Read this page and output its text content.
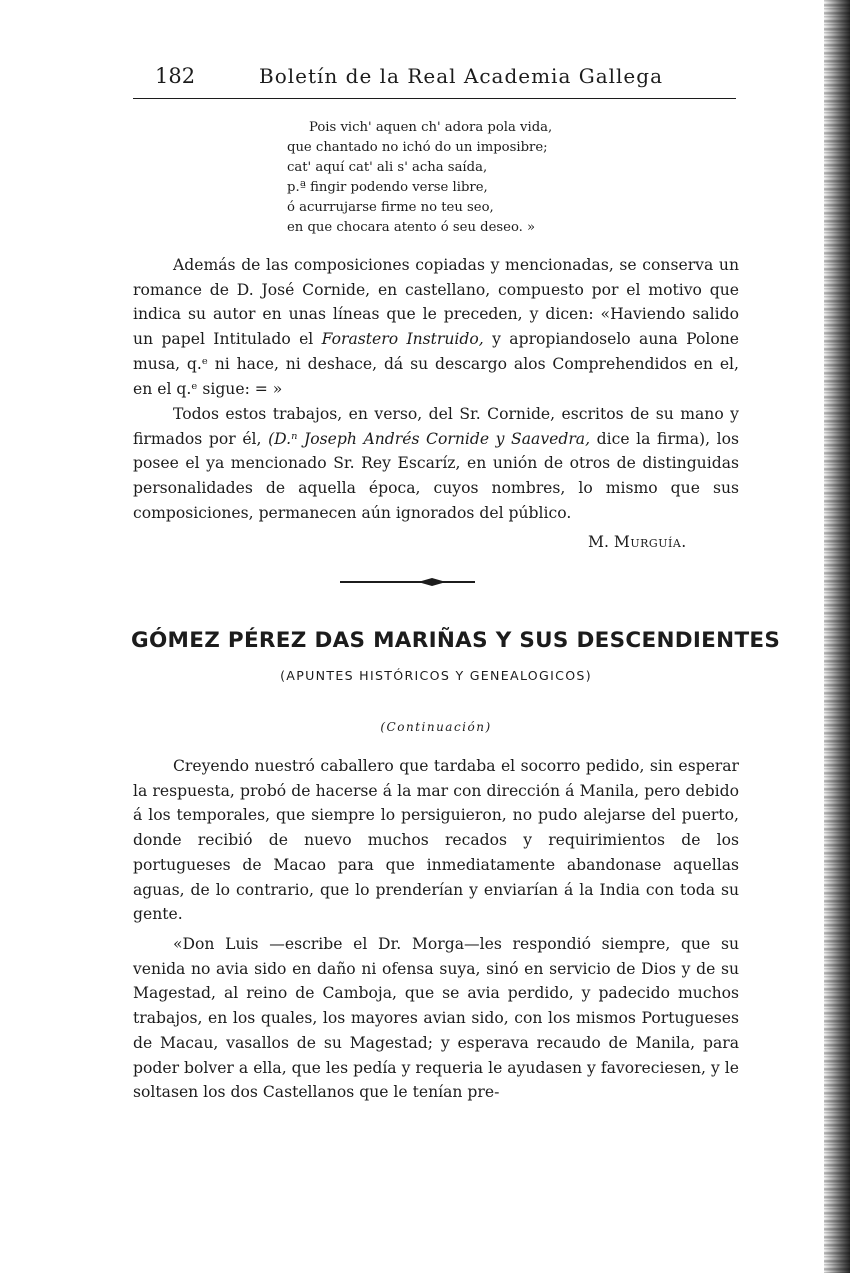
182	Boletín de la Real Academia Gallega
Pois vich' aquen ch' adora pola vida,
que chantado no ichó do un imposibre;
cat' aquí cat' ali s' acha saída,
p.ª fingir podendo verse libre,
ó acurrujarse firme no teu seo,
en que chocara atento ó seu deseo. »

Además de las composiciones copiadas y mencionadas, se conserva un romance de D. José Cornide, en castellano, compuesto por el motivo que indica su autor en unas líneas que le preceden, y dicen: «Haviendo salido un papel Intitulado el Forastero Instruido, y apropiandoselo auna Polone musa, q.ᵉ ni hace, ni deshace, dá su descargo alos Comprehendidos en el, en el q.ᵉ sigue: = »

Todos estos trabajos, en verso, del Sr. Cornide, escritos de su mano y firmados por él, (D.ⁿ Joseph Andrés Cornide y Saavedra, dice la firma), los posee el ya mencionado Sr. Rey Escaríz, en unión de otros de distinguidas personalidades de aquella época, cuyos nombres, lo mismo que sus composiciones, permanecen aún ignorados del público.

M. Murguía.
GÓMEZ PÉREZ DAS MARIÑAS Y SUS DESCENDIENTES
(APUNTES HISTÓRICOS Y GENEALOGICOS)
(Continuación)

Creyendo nuestró caballero que tardaba el socorro pedido, sin esperar la respuesta, probó de hacerse á la mar con dirección á Manila, pero debido á los temporales, que siempre lo persiguieron, no pudo alejarse del puerto, donde recibió de nuevo muchos recados y requirimientos de los portugueses de Macao para que inmediatamente abandonase aquellas aguas, de lo contrario, que lo prenderían y enviarían á la India con toda su gente.

«Don Luis —escribe el Dr. Morga—les respondió siempre, que su venida no avia sido en daño ni ofensa suya, sinó en servicio de Dios y de su Magestad, al reino de Camboja, que se avia perdido, y padecido muchos trabajos, en los quales, los mayores avian sido, con los mismos Portugueses de Macau, vasallos de su Magestad; y esperava recaudo de Manila, para poder bolver a ella, que les pedía y requeria le ayudasen y favoreciesen, y le soltasen los dos Castellanos que le tenían pre-
